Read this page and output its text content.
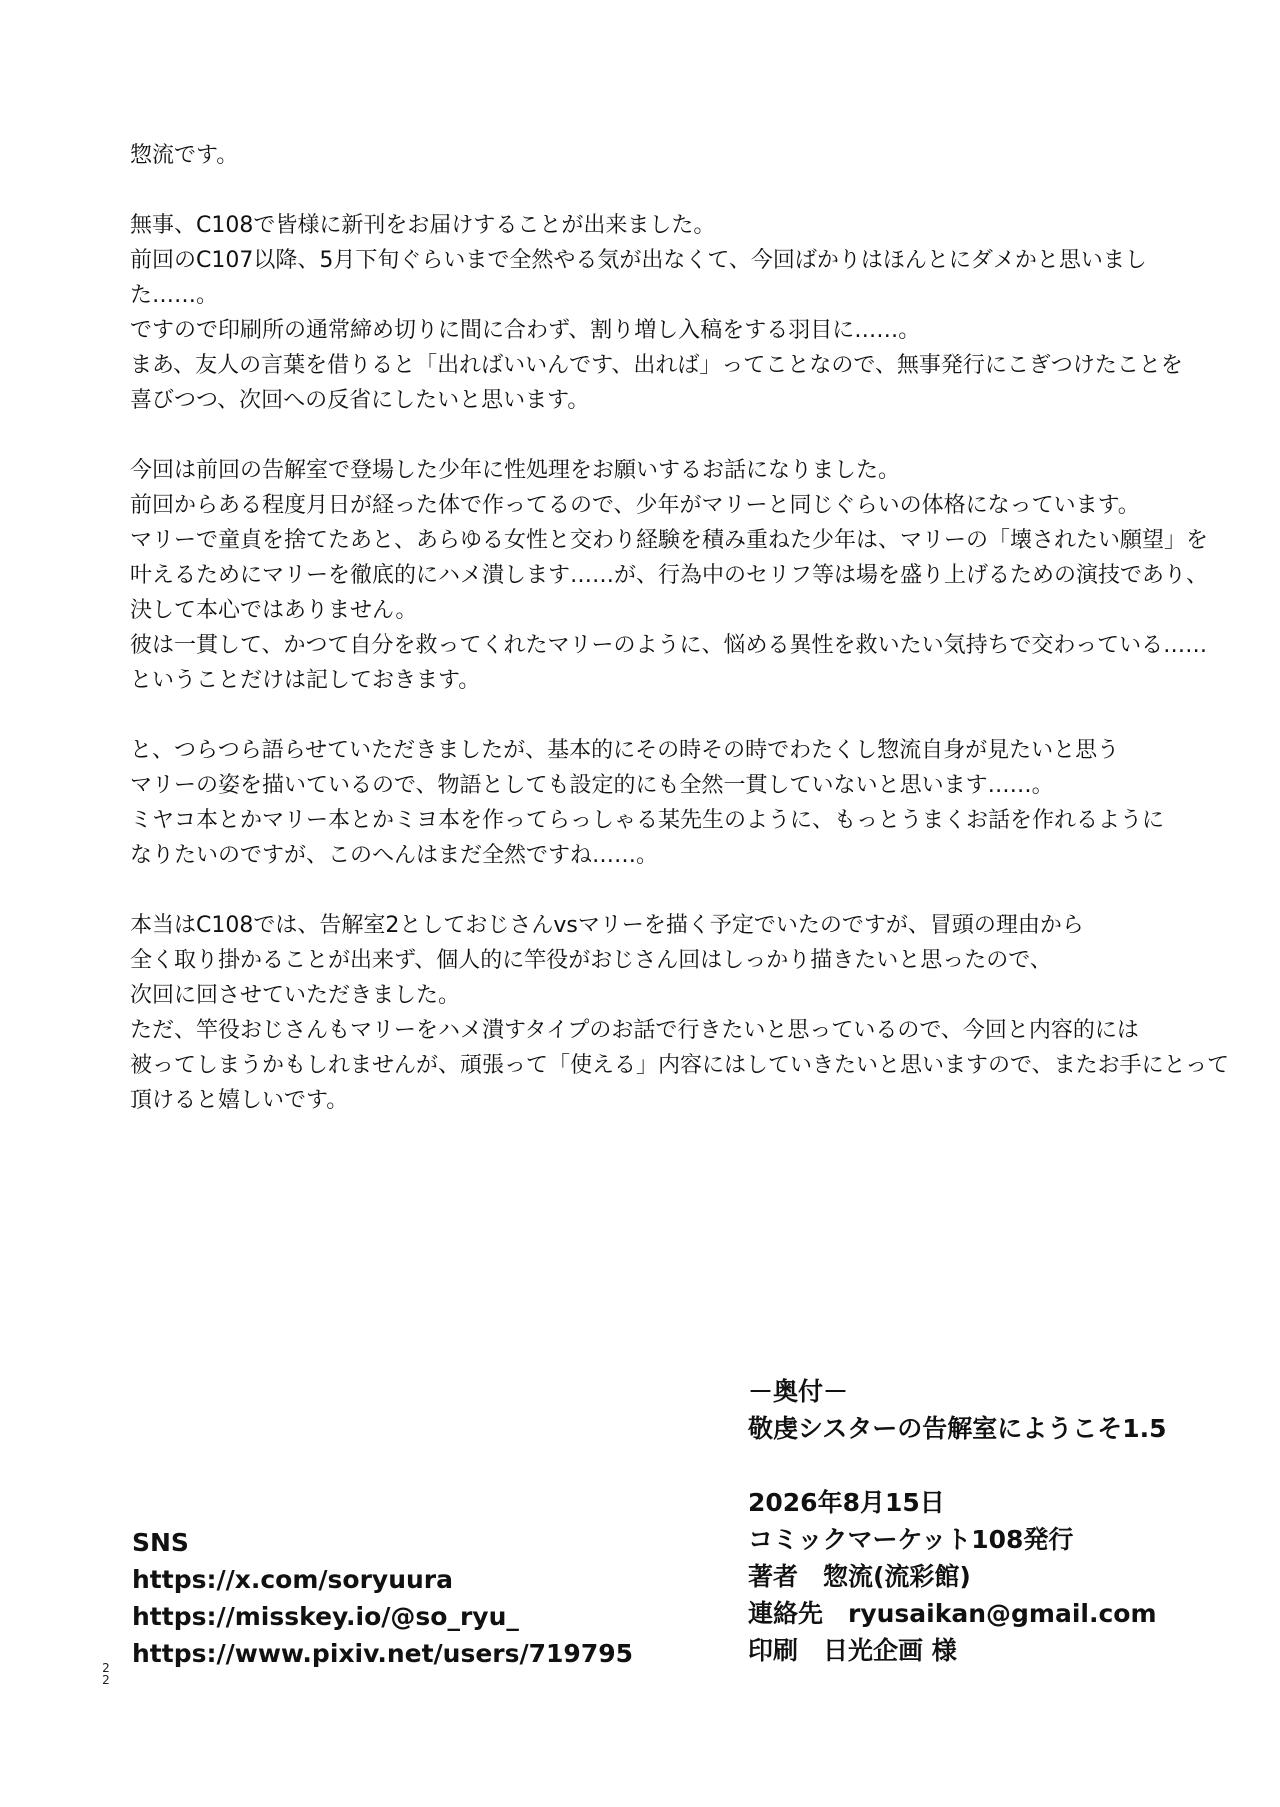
惣流です。

無事、C108で皆様に新刊をお届けすることが出来ました。

前回のC107以降、5月下旬ぐらいまで全然やる気が出なくて、今回ばかりはほんとにダメかと思いまし

た……。

ですので印刷所の通常締め切りに間に合わず、割り増し入稿をする羽目に……。

まあ、友人の言葉を借りると「出ればいいんです、出れば」ってことなので、無事発行にこぎつけたことを

喜びつつ、次回への反省にしたいと思います。

今回は前回の告解室で登場した少年に性処理をお願いするお話になりました。

前回からある程度月日が経った体で作ってるので、少年がマリーと同じぐらいの体格になっています。

マリーで童貞を捨てたあと、あらゆる女性と交わり経験を積み重ねた少年は、マリーの「壊されたい願望」を

叶えるためにマリーを徹底的にハメ潰します……が、行為中のセリフ等は場を盛り上げるための演技であり、

決して本心ではありません。

彼は一貫して、かつて自分を救ってくれたマリーのように、悩める異性を救いたい気持ちで交わっている……

ということだけは記しておきます。

と、つらつら語らせていただきましたが、基本的にその時その時でわたくし惣流自身が見たいと思う

マリーの姿を描いているので、物語としても設定的にも全然一貫していないと思います……。

ミヤコ本とかマリー本とかミヨ本を作ってらっしゃる某先生のように、もっとうまくお話を作れるように

なりたいのですが、このへんはまだ全然ですね……。

本当はC108では、告解室2としておじさんvsマリーを描く予定でいたのですが、冒頭の理由から

全く取り掛かることが出来ず、個人的に竿役がおじさん回はしっかり描きたいと思ったので、

次回に回させていただきました。

ただ、竿役おじさんもマリーをハメ潰すタイプのお話で行きたいと思っているので、今回と内容的には

被ってしまうかもしれませんが、頑張って「使える」内容にはしていきたいと思いますので、またお手にとって

頂けると嬉しいです。

SNS
https://x.com/soryuura
https://misskey.io/@so_ryu_
https://www.pixiv.net/users/719795
－奥付－
敬虔シスターの告解室にようこそ1.5
2026年8月15日
コミックマーケット108発行
著者　惣流(流彩館)
連絡先　ryusaikan@gmail.com
印刷　日光企画 様
2
2
